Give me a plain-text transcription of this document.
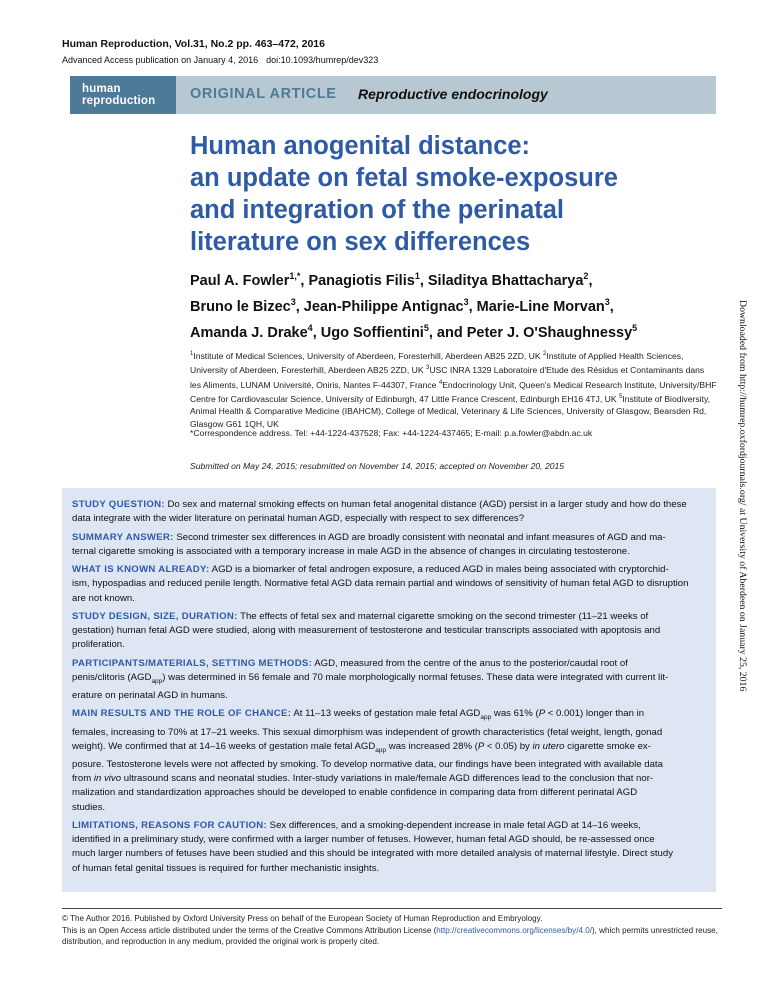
Human Reproduction, Vol.31, No.2 pp. 463–472, 2016
Advanced Access publication on January 4, 2016 doi:10.1093/humrep/dev323
human
reproduction ORIGINAL ARTICLE Reproductive endocrinology
Human anogenital distance:
an update on fetal smoke-exposure
and integration of the perinatal
literature on sex differences
Paul A. Fowler$^{1,*}$, Panagiotis Filis$^1$, Siladitya Bhattacharya$^2$,
Bruno le Bizec$^3$, Jean-Philippe Antignac$^3$, Marie-Line Morvan$^3$,
Amanda J. Drake$^4$, Ugo Soffientini$^5$, and Peter J. O'Shaughnessy$^5$
$^1$Institute of Medical Sciences, University of Aberdeen, Foresterhill, Aberdeen AB25 2ZD, UK $^2$Institute of Applied Health Sciences,
University of Aberdeen, Foresterhill, Aberdeen AB25 2ZD, UK $^3$USC INRA 1329 Laboratoire d'Etude des Résidus et Contaminants dans
les Aliments, LUNAM Université, Oniris, Nantes F-44307, France $^4$Endocrinology Unit, Queen's Medical Research Institute, University/BHF
Centre for Cardiovascular Science, University of Edinburgh, 47 Little France Crescent, Edinburgh EH16 4TJ, UK $^5$Institute of Biodiversity,
Animal Health & Comparative Medicine (IBAHCM), College of Medical, Veterinary & Life Sciences, University of Glasgow, Bearsden Rd,
Glasgow G61 1QH, UK
*Correspondence address. Tel: +44-1224-437528; Fax: +44-1224-437465; E-mail: p.a.fowler@abdn.ac.uk
Submitted on May 24, 2015; resubmitted on November 14, 2015; accepted on November 20, 2015
STUDY QUESTION: Do sex and maternal smoking effects on human fetal anogenital distance (AGD) persist in a larger study and how do these
data integrate with the wider literature on perinatal human AGD, especially with respect to sex differences?
SUMMARY ANSWER: Second trimester sex differences in AGD are broadly consistent with neonatal and infant measures of AGD and ma-
ternal cigarette smoking is associated with a temporary increase in male AGD in the absence of changes in circulating testosterone.
WHAT IS KNOWN ALREADY: AGD is a biomarker of fetal androgen exposure, a reduced AGD in males being associated with cryptorchid-
ism, hypospadias and reduced penile length. Normative fetal AGD data remain partial and windows of sensitivity of human fetal AGD to disruption
are not known.
STUDY DESIGN, SIZE, DURATION: The effects of fetal sex and maternal cigarette smoking on the second trimester (11–21 weeks of
gestation) human fetal AGD were studied, along with measurement of testosterone and testicular transcripts associated with apoptosis and
proliferation.
PARTICIPANTS/MATERIALS, SETTING METHODS: AGD, measured from the centre of the anus to the posterior/caudal root of
penis/clitoris $(AGD_{app})$ was determined in 56 female and 70 male morphologically normal fetuses. These data were integrated with current lit-
erature on perinatal AGD in humans.
MAIN RESULTS AND THE ROLE OF CHANCE: At 11–13 weeks of gestation male fetal $AGD_{app}$ was 61% (P < 0.001) longer than in
females, increasing to 70% at 17–21 weeks. This sexual dimorphism was independent of growth characteristics (fetal weight, length, gonad
weight). We confirmed that at 14–16 weeks of gestation male fetal $AGD_{app}$ was increased 28% (P < 0.05) by in utero cigarette smoke ex-
posure. Testosterone levels were not affected by smoking. To develop normative data, our findings have been integrated with available data
from in vivo ultrasound scans and neonatal studies. Inter-study variations in male/female AGD differences lead to the conclusion that nor-
malization and standardization approaches should be developed to enable confidence in comparing data from different perinatal AGD
studies.
LIMITATIONS, REASONS FOR CAUTION: Sex differences, and a smoking-dependent increase in male fetal AGD at 14–16 weeks,
identified in a preliminary study, were confirmed with a larger number of fetuses. However, human fetal AGD should, be re-assessed once
much larger numbers of fetuses have been studied and this should be integrated with more detailed analysis of maternal lifestyle. Direct study
of human fetal genital tissues is required for further mechanistic insights.
Downloaded from http://humrep.oxfordjournals.org/ at University of Aberdeen on January 25, 2016
© The Author 2016. Published by Oxford University Press on behalf of the European Society of Human Reproduction and Embryology.
This is an Open Access article distributed under the terms of the Creative Commons Attribution License (http://creativecommons.org/licenses/by/4.0/), which permits unrestricted reuse,
distribution, and reproduction in any medium, provided the original work is properly cited.
